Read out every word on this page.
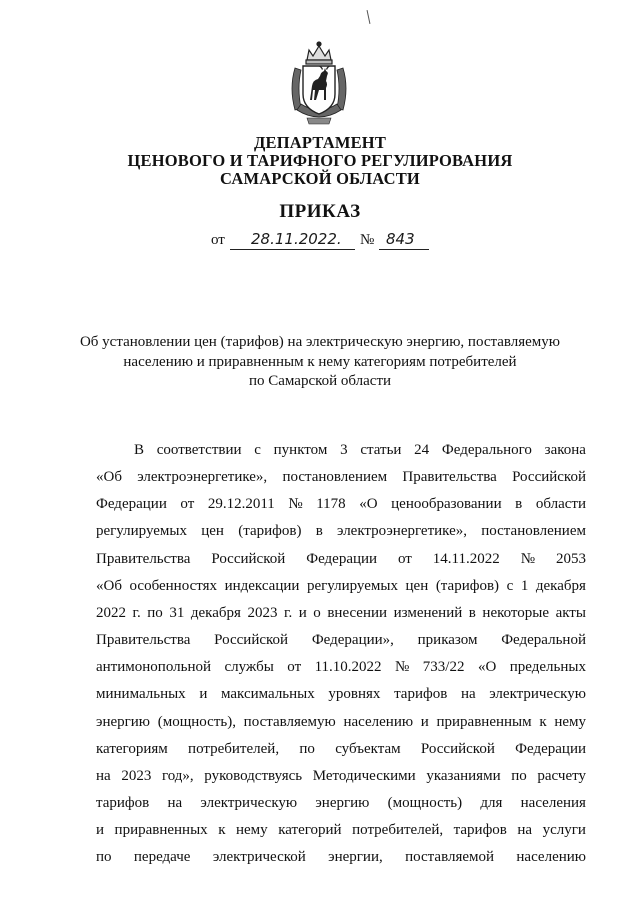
ДЕПАРТАМЕНТ
ЦЕНОВОГО И ТАРИФНОГО РЕГУЛИРОВАНИЯ
САМАРСКОЙ ОБЛАСТИ
ПРИКАЗ
от 28.11.2022. № 843
Об установлении цен (тарифов) на электрическую энергию, поставляемую
населению и приравненным к нему категориям потребителей
по Самарской области
В соответствии с пунктом 3 статьи 24 Федерального закона
«Об электроэнергетике», постановлением Правительства Российской
Федерации от 29.12.2011 № 1178 «О ценообразовании в области
регулируемых цен (тарифов) в электроэнергетике», постановлением
Правительства Российской Федерации от 14.11.2022 № 2053
«Об особенностях индексации регулируемых цен (тарифов) с 1 декабря
2022 г. по 31 декабря 2023 г. и о внесении изменений в некоторые акты
Правительства Российской Федерации», приказом Федеральной
антимонопольной службы от 11.10.2022 № 733/22 «О предельных
минимальных и максимальных уровнях тарифов на электрическую
энергию (мощность), поставляемую населению и приравненным к нему
категориям потребителей, по субъектам Российской Федерации
на 2023 год», руководствуясь Методическими указаниями по расчету
тарифов на электрическую энергию (мощность) для населения
и приравненных к нему категорий потребителей, тарифов на услуги
по передаче электрической энергии, поставляемой населению
